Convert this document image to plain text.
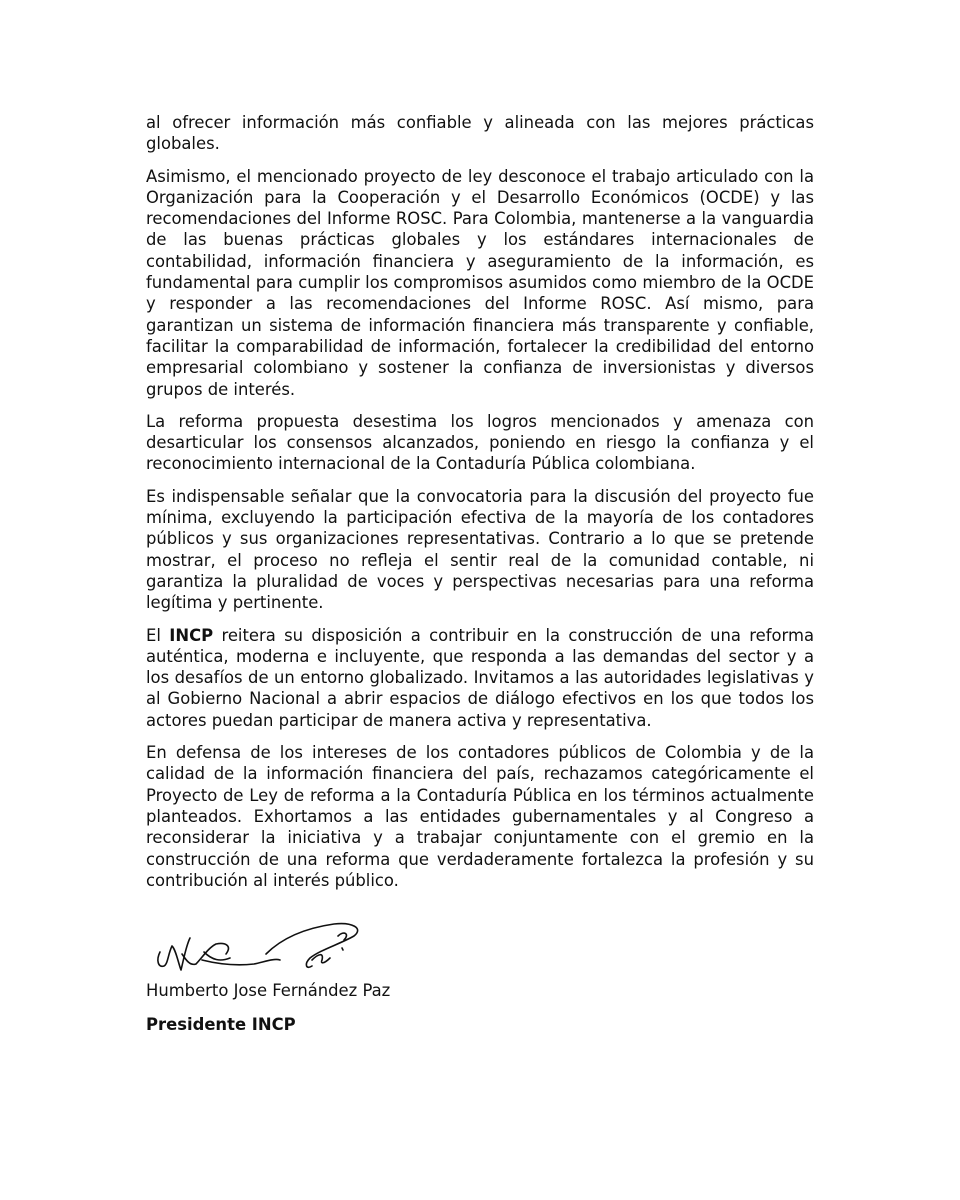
al ofrecer información más confiable y alineada con las mejores prácticas globales.

Asimismo, el mencionado proyecto de ley desconoce el trabajo articulado con la Organización para la Cooperación y el Desarrollo Económicos (OCDE) y las recomendaciones del Informe ROSC. Para Colombia, mantenerse a la vanguardia de las buenas prácticas globales y los estándares internacionales de contabilidad, información financiera y aseguramiento de la información, es fundamental para cumplir los compromisos asumidos como miembro de la OCDE y responder a las recomendaciones del Informe ROSC. Así mismo, para garantizan un sistema de información financiera más transparente y confiable, facilitar la comparabilidad de información, fortalecer la credibilidad del entorno empresarial colombiano y sostener la confianza de inversionistas y diversos grupos de interés.

La reforma propuesta desestima los logros mencionados y amenaza con desarticular los consensos alcanzados, poniendo en riesgo la confianza y el reconocimiento internacional de la Contaduría Pública colombiana.

Es indispensable señalar que la convocatoria para la discusión del proyecto fue mínima, excluyendo la participación efectiva de la mayoría de los contadores públicos y sus organizaciones representativas. Contrario a lo que se pretende mostrar, el proceso no refleja el sentir real de la comunidad contable, ni garantiza la pluralidad de voces y perspectivas necesarias para una reforma legítima y pertinente.

El INCP reitera su disposición a contribuir en la construcción de una reforma auténtica, moderna e incluyente, que responda a las demandas del sector y a los desafíos de un entorno globalizado. Invitamos a las autoridades legislativas y al Gobierno Nacional a abrir espacios de diálogo efectivos en los que todos los actores puedan participar de manera activa y representativa.

En defensa de los intereses de los contadores públicos de Colombia y de la calidad de la información financiera del país, rechazamos categóricamente el Proyecto de Ley de reforma a la Contaduría Pública en los términos actualmente planteados. Exhortamos a las entidades gubernamentales y al Congreso a reconsiderar la iniciativa y a trabajar conjuntamente con el gremio en la construcción de una reforma que verdaderamente fortalezca la profesión y su contribución al interés público.

Humberto Jose Fernández Paz

Presidente INCP
